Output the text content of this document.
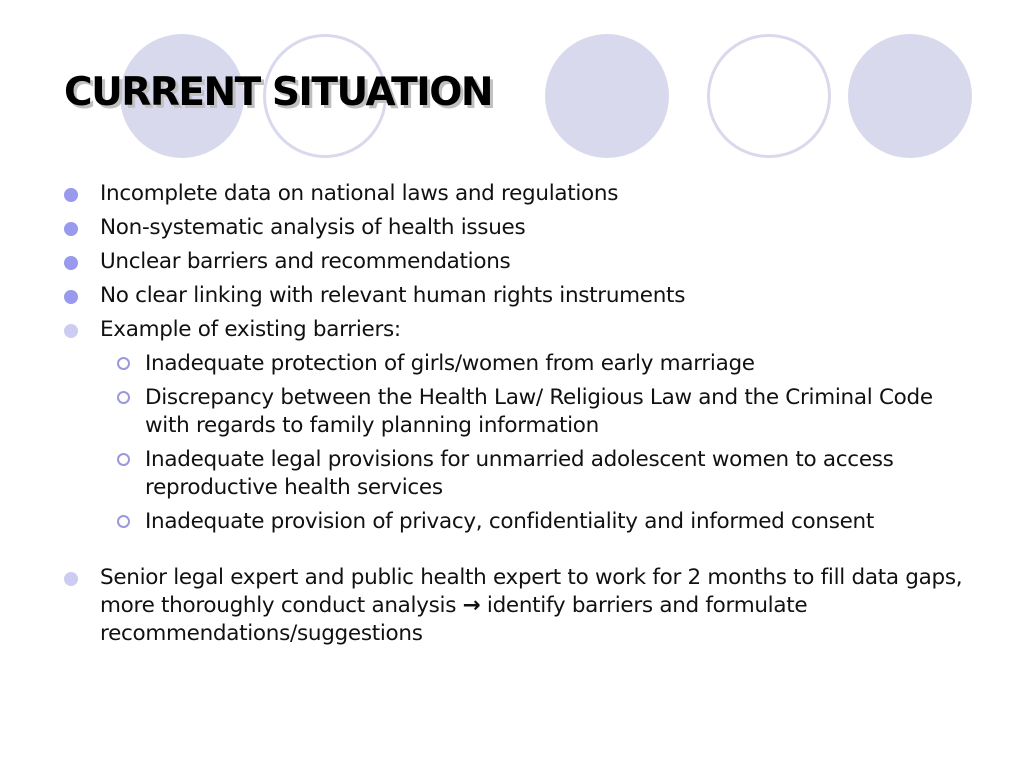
CURRENT SITUATION
Incomplete data on national laws and regulations
Non-systematic analysis of health issues
Unclear barriers and recommendations
No clear linking with relevant human rights instruments
Example of existing barriers:
Inadequate protection of girls/women from early marriage
Discrepancy between the Health Law/ Religious Law and the Criminal Code with regards to family planning information
Inadequate legal provisions for unmarried adolescent women to access reproductive health services
Inadequate provision of privacy, confidentiality and informed consent
Senior legal expert and public health expert to work for 2 months to fill data gaps, more thoroughly conduct analysis → identify barriers and formulate recommendations/suggestions
